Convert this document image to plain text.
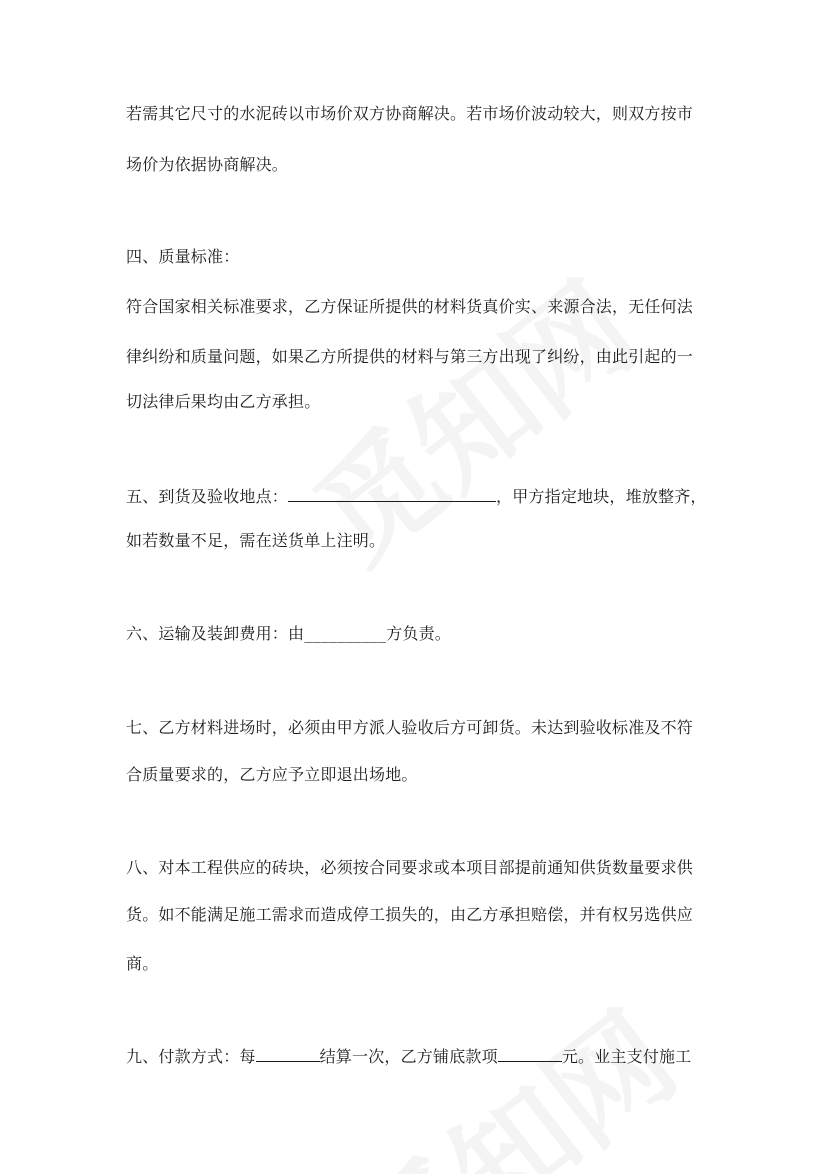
若需其它尺寸的水泥砖以市场价双方协商解决。若市场价波动较大，则双方按市
场价为依据协商解决。
四、质量标准：
符合国家相关标准要求，乙方保证所提供的材料货真价实、来源合法，无任何法
律纠纷和质量问题，如果乙方所提供的材料与第三方出现了纠纷，由此引起的一
切法律后果均由乙方承担。
五、到货及验收地点：	，甲方指定地块，堆放整齐，
如若数量不足，需在送货单上注明。
六、运输及装卸费用：由__________方负责。
七、乙方材料进场时，必须由甲方派人验收后方可卸货。未达到验收标准及不符
合质量要求的，乙方应予立即退出场地。
八、对本工程供应的砖块，必须按合同要求或本项目部提前通知供货数量要求供
货。如不能满足施工需求而造成停工损失的，由乙方承担赔偿，并有权另选供应
商。
九、付款方式：每	结算一次，乙方铺底款项	元。业主支付施工
